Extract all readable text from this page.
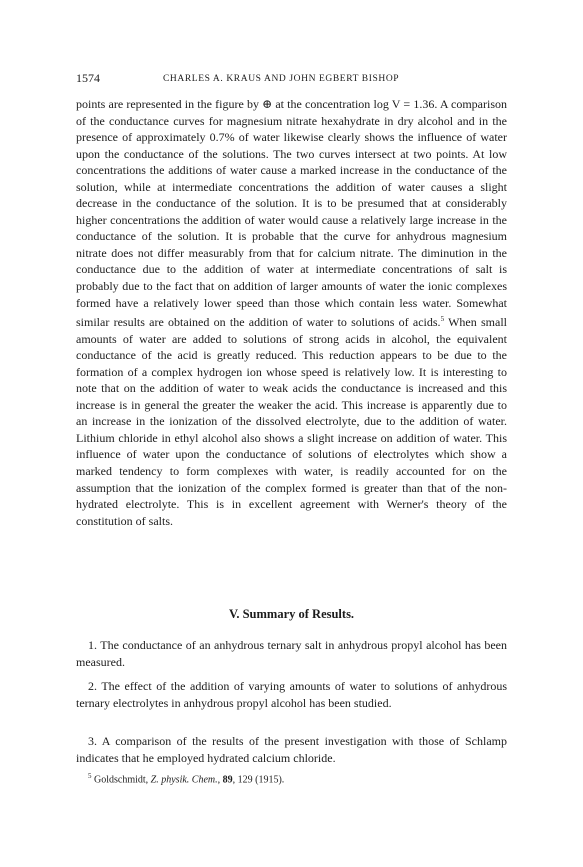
1574	CHARLES A. KRAUS AND JOHN EGBERT BISHOP

points are represented in the figure by ⊕ at the concentration log V = 1.36. A comparison of the conductance curves for magnesium nitrate hexahydrate in dry alcohol and in the presence of approximately 0.7% of water likewise clearly shows the influence of water upon the conductance of the solutions. The two curves intersect at two points. At low concentrations the additions of water cause a marked increase in the conductance of the solution, while at intermediate concentrations the addition of water causes a slight decrease in the conductance of the solution. It is to be presumed that at considerably higher concentrations the addition of water would cause a relatively large increase in the conductance of the solution. It is probable that the curve for anhydrous magnesium nitrate does not differ measurably from that for calcium nitrate. The diminution in the conductance due to the addition of water at intermediate concentrations of salt is probably due to the fact that on addition of larger amounts of water the ionic complexes formed have a relatively lower speed than those which contain less water. Somewhat similar results are obtained on the addition of water to solutions of acids.$^5$ When small amounts of water are added to solutions of strong acids in alcohol, the equivalent conductance of the acid is greatly reduced. This reduction appears to be due to the formation of a complex hydrogen ion whose speed is relatively low. It is interesting to note that on the addition of water to weak acids the conductance is increased and this increase is in general the greater the weaker the acid. This increase is apparently due to an increase in the ionization of the dissolved electrolyte, due to the addition of water. Lithium chloride in ethyl alcohol also shows a slight increase on addition of water. This influence of water upon the conductance of solutions of electrolytes which show a marked tendency to form complexes with water, is readily accounted for on the assumption that the ionization of the complex formed is greater than that of the non-hydrated electrolyte. This is in excellent agreement with Werner's theory of the constitution of salts.

V. Summary of Results.

1. The conductance of an anhydrous ternary salt in anhydrous propyl alcohol has been measured.

2. The effect of the addition of varying amounts of water to solutions of anhydrous ternary electrolytes in anhydrous propyl alcohol has been studied.

3. A comparison of the results of the present investigation with those of Schlamp indicates that he employed hydrated calcium chloride.

$^5$ Goldschmidt, Z. physik. Chem., 89, 129 (1915).
